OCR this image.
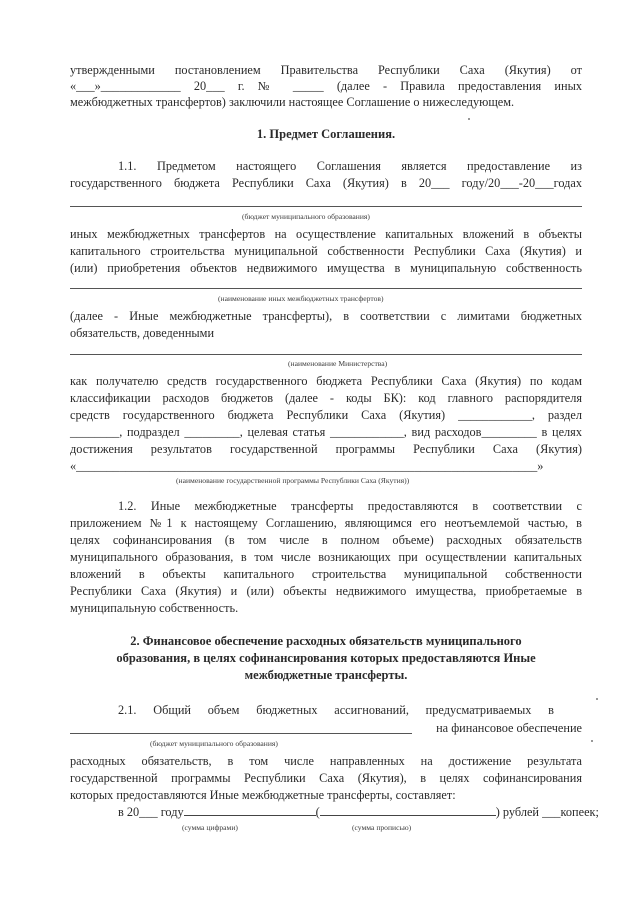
утвержденными постановлением Правительства Республики Саха (Якутия) от
«___»_____________ 20___ г. № _____ (далее - Правила предоставления иных
межбюджетных трансфертов) заключили настоящее Соглашение о нижеследующем.
1. Предмет Соглашения.
1.1. Предметом настоящего Соглашения является предоставление из
государственного бюджета Республики Саха (Якутия) в 20___ году/20___-20___годах
(бюджет муниципального образования)
иных межбюджетных трансфертов на осуществление капитальных вложений в объекты
капитального строительства муниципальной собственности Республики Саха (Якутия) и
(или) приобретения объектов недвижимого имущества в муниципальную собственность
(наименование иных межбюджетных трансфертов)
(далее - Иные межбюджетные трансферты), в соответствии с лимитами бюджетных
обязательств, доведенными
(наименование Министерства)
как получателю средств государственного бюджета Республики Саха (Якутия) по кодам
классификации расходов бюджетов (далее - коды БК): код главного распорядителя
средств государственного бюджета Республики Саха (Якутия) ____________, раздел
________, подраздел _________, целевая статья ____________, вид расходов_________ в целях
достижения результатов государственной программы Республики Саха (Якутия)
«___________________________________________________________________________»
(наименование государственной программы Республики Саха (Якутия))
1.2. Иные межбюджетные трансферты предоставляются в соответствии с
приложением №1 к настоящему Соглашению, являющимся его неотъемлемой частью, в
целях софинансирования (в том числе в полном объеме) расходных обязательств
муниципального образования, в том числе возникающих при осуществлении капитальных
вложений в объекты капитального строительства муниципальной собственности
Республики Саха (Якутия) и (или) объекты недвижимого имущества, приобретаемые в
муниципальную собственность.
2. Финансовое обеспечение расходных обязательств муниципального
образования, в целях софинансирования которых предоставляются Иные
межбюджетные трансферты.
2.1. Общий объем бюджетных ассигнований, предусматриваемых в
на финансовое обеспечение
(бюджет муниципального образования)
расходных обязательств, в том числе направленных на достижение результата
государственной программы Республики Саха (Якутия), в целях софинансирования
которых предоставляются Иные межбюджетные трансферты, составляет:
в 20___ году	(	) рублей ___копеек;
(сумма цифрами)	(сумма прописью)
